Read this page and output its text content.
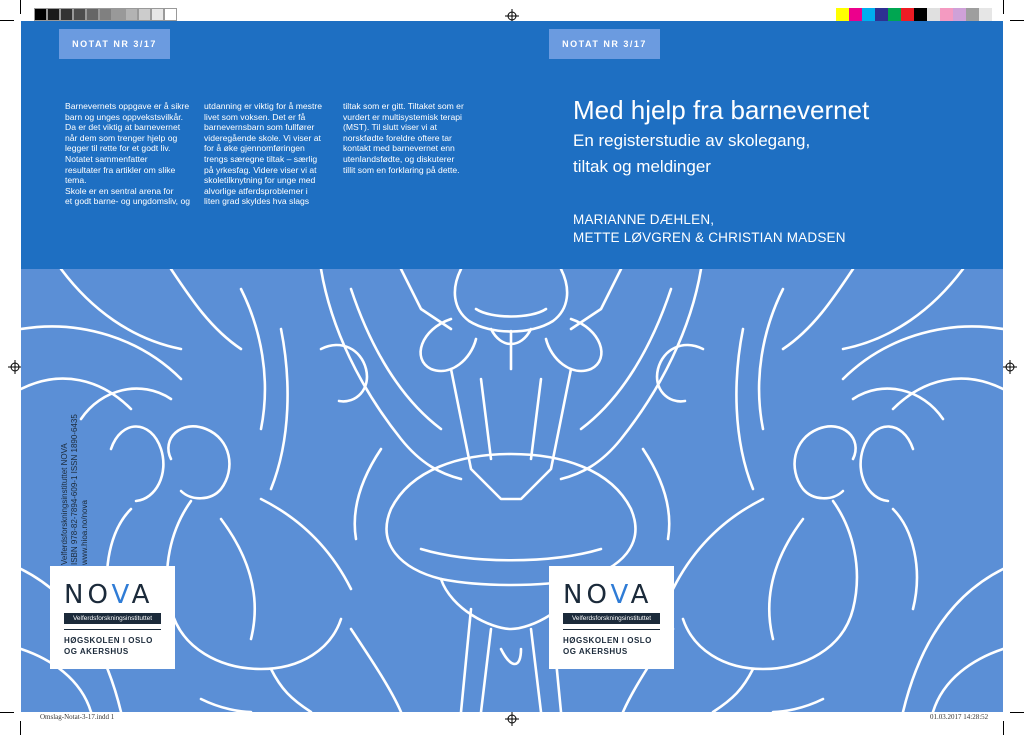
NOTAT NR 3/17	NOTAT NR 3/17
Barnevernets oppgave er å sikre
barn og unges oppvekstsvilkår.
Da er det viktig at barnevernet
når dem som trenger hjelp og
legger til rette for et godt liv.
Notatet sammenfatter
resultater fra artikler om slike
tema.
Skole er en sentral arena for
et godt barne- og ungdomsliv, og
utdanning er viktig for å mestre
livet som voksen. Det er få
barnevernsbarn som fullfører
videregående skole. Vi viser at
for å øke gjennomføringen
trengs særegne tiltak – særlig
på yrkesfag. Videre viser vi at
skoletilknytning for unge med
alvorlige atferdsproblemer i
liten grad skyldes hva slags
tiltak som er gitt. Tiltaket som er
vurdert er multisystemisk terapi
(MST). Til slutt viser vi at
norskfødte foreldre oftere tar
kontakt med barnevernet enn
utenlandsfødte, og diskuterer
tillit som en forklaring på dette.
Med hjelp fra barnevernet
En registerstudie av skolegang,
tiltak og meldinger
MARIANNE DÆHLEN,
METTE LØVGREN & CHRISTIAN MADSEN
Velferdsforskningsinstituttet NOVA
ISBN 978-82-7894-609-1 ISSN 1890-6435
www.hioa.no/nova
NOVA
Velferdsforskningsinstituttet
HØGSKOLEN I OSLO
OG AKERSHUS
NOVA
Velferdsforskningsinstituttet
HØGSKOLEN I OSLO
OG AKERSHUS
Omslag-Notat-3-17.indd 1	01.03.2017 14:28:52
